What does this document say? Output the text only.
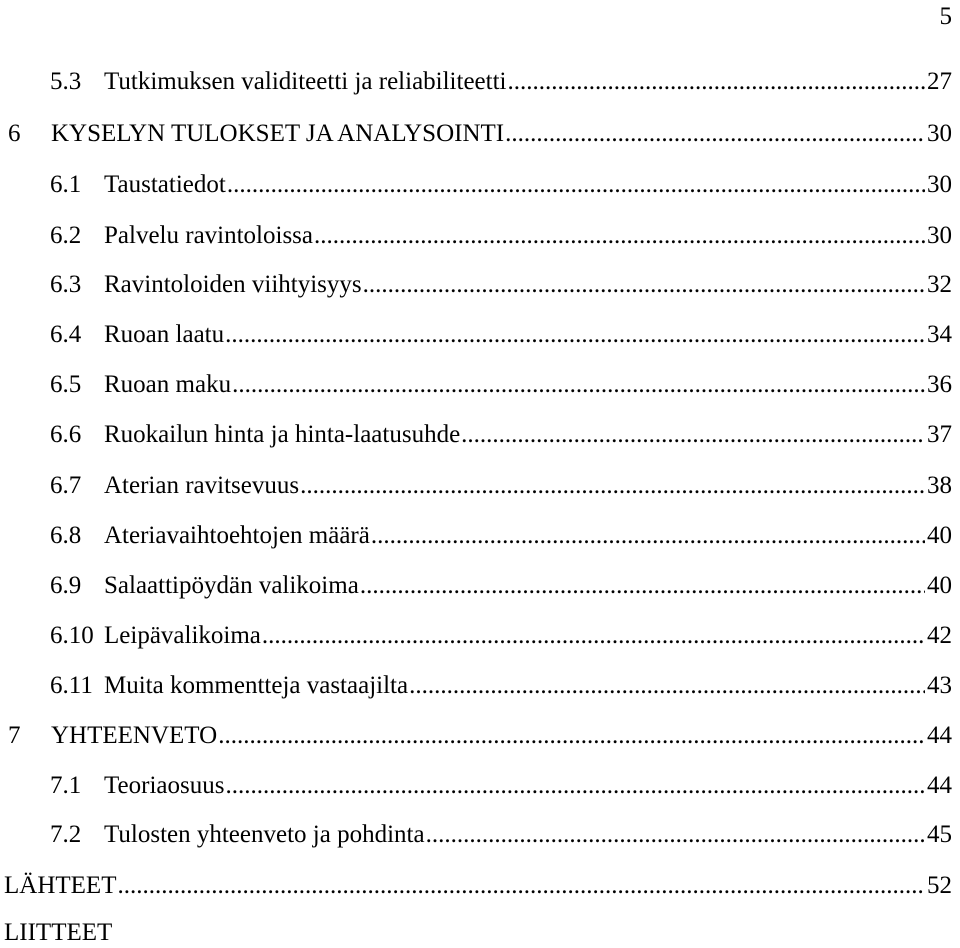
5
5.3 Tutkimuksen validiteetti ja reliabiliteetti .....	27
6	KYSELYN TULOKSET JA ANALYSOINTI .....	30
6.1 Taustatiedot .....	30
6.2 Palvelu ravintoloissa .....	30
6.3 Ravintoloiden viihtyisyys .....	32
6.4 Ruoan laatu .....	34
6.5 Ruoan maku .....	36
6.6 Ruokailun hinta ja hinta-laatusuhde .....	37
6.7 Aterian ravitsevuus .....	38
6.8 Ateriavaihtoehtojen määrä .....	40
6.9 Salaattipöydän valikoima .....	40
6.10 Leipävalikoima .....	42
6.11 Muita kommentteja vastaajilta .....	43
7	YHTEENVETO .....	44
7.1 Teoriaosuus .....	44
7.2 Tulosten yhteenveto ja pohdinta .....	45
LÄHTEET .....	52
LIITTEET
